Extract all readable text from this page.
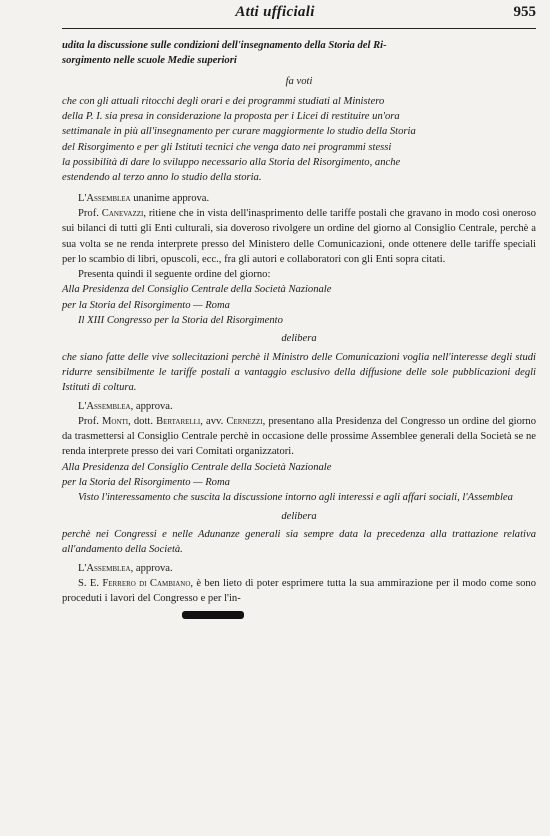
Atti ufficiali	955

udita la discussione sulle condizioni dell'insegnamento della Storia del Ri-
sorgimento nelle scuole Medie superiori

fa voti

che con gli attuali ritocchi degli orari e dei programmi studiati al Ministero
della P. I. sia presa in considerazione la proposta per i Licei di restituire un'ora
settimanale in più all'insegnamento per curare maggiormente lo studio della Storia
del Risorgimento e per gli Istituti tecnici che venga dato nei programmi stessi
la possibilità di dare lo sviluppo necessario alla Storia del Risorgimento, anche
estendendo al terzo anno lo studio della storia.

L'Assemblea unanime approva.

Prof. Canevazzi, ritiene che in vista dell'inasprimento delle tariffe postali che gravano in modo così oneroso sui bilanci di tutti gli Enti culturali, sia doveroso rivolgere un ordine del giorno al Consiglio Centrale, perchè a sua volta se ne renda interprete presso del Ministero delle Comunicazioni, onde ottenere delle tariffe speciali per lo scambio di libri, opuscoli, ecc., fra gli autori e collaboratori con gli Enti sopra citati.

Presenta quindi il seguente ordine del giorno:

Alla Presidenza del Consiglio Centrale della Società Nazionale

per la Storia del Risorgimento — Roma

Il XIII Congresso per la Storia del Risorgimento

delibera

che siano fatte delle vive sollecitazioni perchè il Ministro delle Comunicazioni voglia nell'interesse degli studi ridurre sensibilmente le tariffe postali a vantaggio esclusivo della diffusione delle sole pubblicazioni degli Istituti di coltura.

L'Assemblea, approva.

Prof. Monti, dott. Bertarelli, avv. Cernezzi, presentano alla Presidenza del Congresso un ordine del giorno da trasmettersi al Consiglio Centrale perchè in occasione delle prossime Assemblee generali della Società se ne renda interprete presso dei vari Comitati organizzatori.

Alla Presidenza del Consiglio Centrale della Società Nazionale

per la Storia del Risorgimento — Roma

Visto l'interessamento che suscita la discussione intorno agli interessi e agli affari sociali, l'Assemblea

delibera

perchè nei Congressi e nelle Adunanze generali sia sempre data la precedenza alla trattazione relativa all'andamento della Società.

L'Assemblea, approva.

S. E. Ferrero di Cambiano, è ben lieto di poter esprimere tutta la sua ammirazione per il modo come sono proceduti i lavori del Congresso e per l'in-
